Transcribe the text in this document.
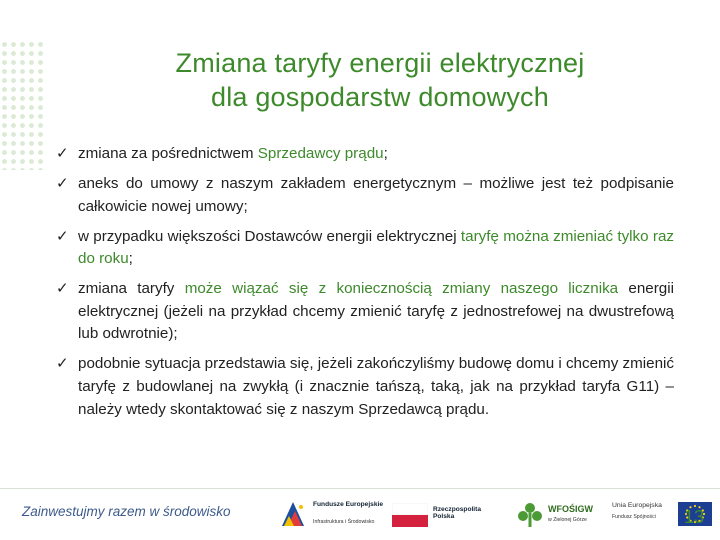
Zmiana taryfy energii elektrycznej
dla gospodarstw domowych
✓ zmiana za pośrednictwem Sprzedawcy prądu;
✓ aneks do umowy z naszym zakładem energetycznym – możliwe jest też podpisanie całkowicie nowej umowy;
✓ w przypadku większości Dostawców energii elektrycznej taryfę można zmieniać tylko raz do roku;
✓ zmiana taryfy może wiązać się z koniecznością zmiany naszego licznika energii elektrycznej (jeżeli na przykład chcemy zmienić taryfę z jednostrefowej na dwustrefową lub odwrotnie);
✓ podobnie sytuacja przedstawia się, jeżeli zakończyliśmy budowę domu i chcemy zmienić taryfę z budowlanej na zwykłą (i znacznie tańszą, taką, jak na przykład taryfa G11) – należy wtedy skontaktować się z naszym Sprzedawcą prądu.
Zainwestujmy razem w środowisko	Fundusze Europejskie
Infrastruktura i Środowisko
Rzeczpospolita Polska
WFOŚIGW
w Zielonej Górze
Unia Europejska
Fundusz Spójności	13
